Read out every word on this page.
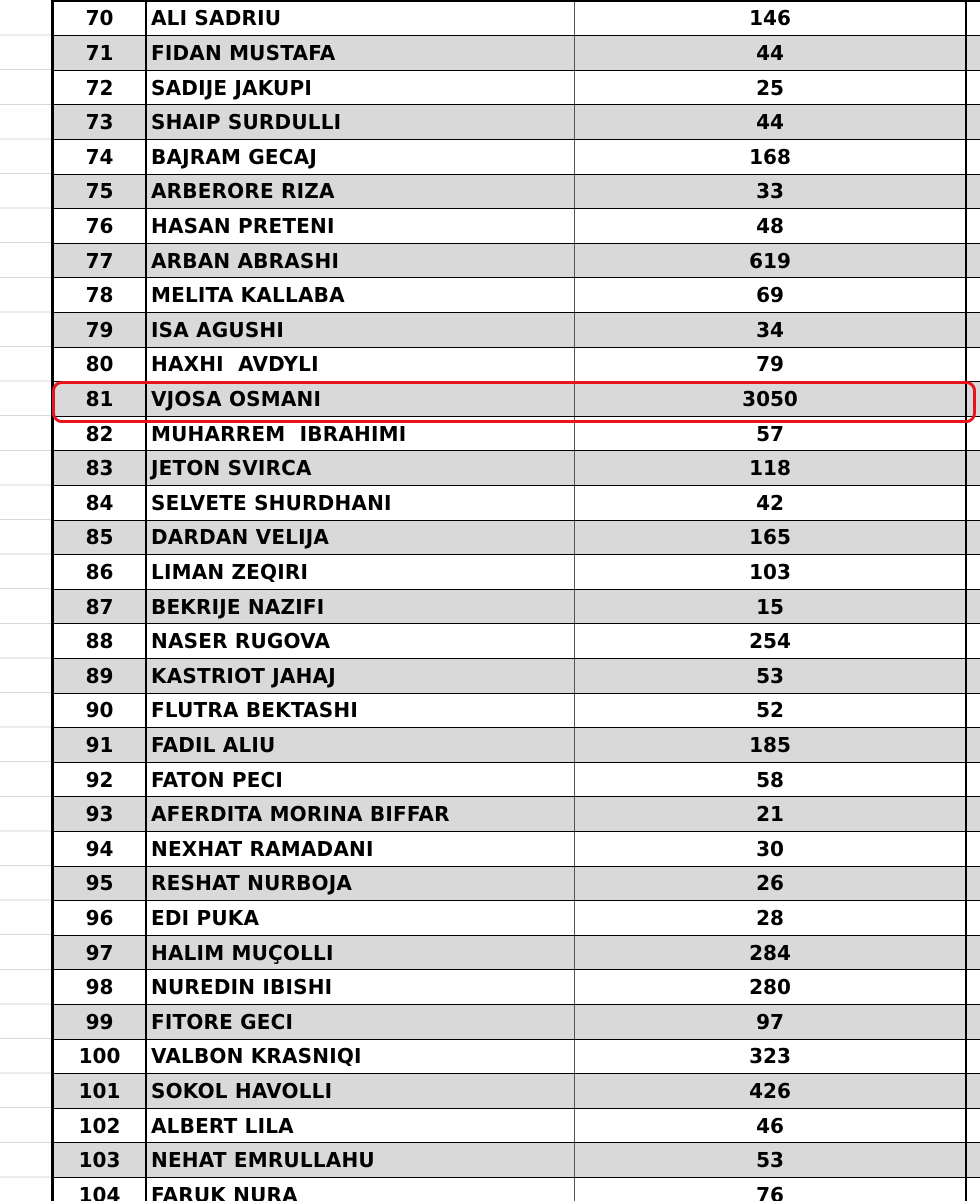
70	ALI SADRIU	146
71	FIDAN MUSTAFA	44
72	SADIJE JAKUPI	25
73	SHAIP SURDULLI	44
74	BAJRAM GECAJ	168
75	ARBERORE RIZA	33
76	HASAN PRETENI	48
77	ARBAN ABRASHI	619
78	MELITA KALLABA	69
79	ISA AGUSHI	34
80	HAXHI  AVDYLI	79
81	VJOSA OSMANI	3050
82	MUHARREM  IBRAHIMI	57
83	JETON SVIRCA	118
84	SELVETE SHURDHANI	42
85	DARDAN VELIJA	165
86	LIMAN ZEQIRI	103
87	BEKRIJE NAZIFI	15
88	NASER RUGOVA	254
89	KASTRIOT JAHAJ	53
90	FLUTRA BEKTASHI	52
91	FADIL ALIU	185
92	FATON PECI	58
93	AFERDITA MORINA BIFFAR	21
94	NEXHAT RAMADANI	30
95	RESHAT NURBOJA	26
96	EDI PUKA	28
97	HALIM MUÇOLLI	284
98	NUREDIN IBISHI	280
99	FITORE GECI	97
100	VALBON KRASNIQI	323
101	SOKOL HAVOLLI	426
102	ALBERT LILA	46
103	NEHAT EMRULLAHU	53
104	FARUK NURA	76
